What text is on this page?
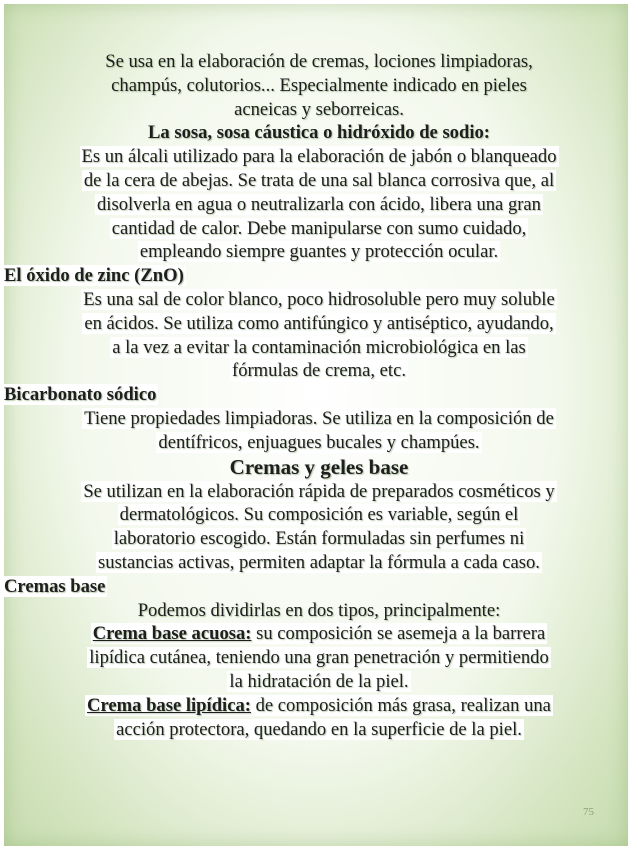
Se usa en la elaboración de cremas, lociones limpiadoras,
champús, colutorios... Especialmente indicado en pieles
acneicas y seborreicas.
La sosa, sosa cáustica o hidróxido de sodio:
Es un álcali utilizado para la elaboración de jabón o blanqueado
de la cera de abejas. Se trata de una sal blanca corrosiva que, al
disolverla en agua o neutralizarla con ácido, libera una gran
cantidad de calor. Debe manipularse con sumo cuidado,
empleando siempre guantes y protección ocular.
El óxido de zinc (ZnO)
Es una sal de color blanco, poco hidrosoluble pero muy soluble
en ácidos. Se utiliza como antifúngico y antiséptico, ayudando,
a la vez a evitar la contaminación microbiológica en las
fórmulas de crema, etc.
Bicarbonato sódico
Tiene propiedades limpiadoras. Se utiliza en la composición de
dentífricos, enjuagues bucales y champúes.
Cremas y geles base
Se utilizan en la elaboración rápida de preparados cosméticos y
dermatológicos. Su composición es variable, según el
laboratorio escogido. Están formuladas sin perfumes ni
sustancias activas, permiten adaptar la fórmula a cada caso.
Cremas base
Podemos dividirlas en dos tipos, principalmente:
Crema base acuosa: su composición se asemeja a la barrera
lipídica cutánea, teniendo una gran penetración y permitiendo
la hidratación de la piel.
Crema base lipídica: de composición más grasa, realizan una
acción protectora, quedando en la superficie de la piel.
75
